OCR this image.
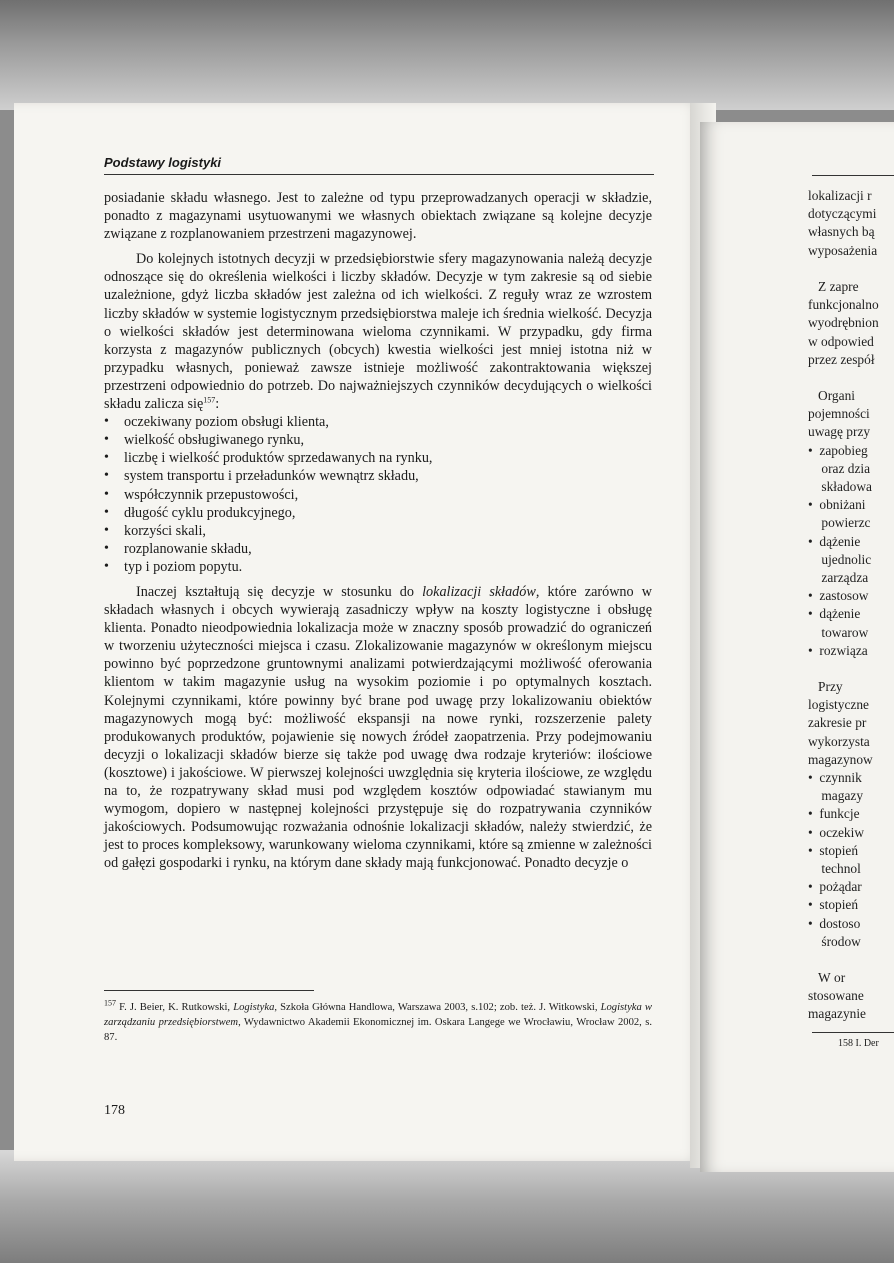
Podstawy logistyki

posiadanie składu własnego. Jest to zależne od typu przeprowadzanych operacji w składzie, ponadto z magazynami usytuowanymi we własnych obiektach związane są kolejne decyzje związane z rozplanowaniem przestrzeni magazynowej.

Do kolejnych istotnych decyzji w przedsiębiorstwie sfery magazynowania należą decyzje odnoszące się do określenia wielkości i liczby składów. Decyzje w tym zakresie są od siebie uzależnione, gdyż liczba składów jest zależna od ich wielkości. Z reguły wraz ze wzrostem liczby składów w systemie logistycznym przedsiębiorstwa maleje ich średnia wielkość. Decyzja o wielkości składów jest determinowana wieloma czynnikami. W przypadku, gdy firma korzysta z magazynów publicznych (obcych) kwestia wielkości jest mniej istotna niż w przypadku własnych, ponieważ zawsze istnieje możliwość zakontraktowania większej przestrzeni odpowiednio do potrzeb. Do najważniejszych czynników decydujących o wielkości składu zalicza się$^{157}$:

• oczekiwany poziom obsługi klienta,
• wielkość obsługiwanego rynku,
• liczbę i wielkość produktów sprzedawanych na rynku,
• system transportu i przeładunków wewnątrz składu,
• współczynnik przepustowości,
• długość cyklu produkcyjnego,
• korzyści skali,
• rozplanowanie składu,
• typ i poziom popytu.

Inaczej kształtują się decyzje w stosunku do lokalizacji składów, które zarówno w składach własnych i obcych wywierają zasadniczy wpływ na koszty logistyczne i obsługę klienta. Ponadto nieodpowiednia lokalizacja może w znaczny sposób prowadzić do ograniczeń w tworzeniu użyteczności miejsca i czasu. Zlokalizowanie magazynów w określonym miejscu powinno być poprzedzone gruntownymi analizami potwierdzającymi możliwość oferowania klientom w takim magazynie usług na wysokim poziomie i po optymalnych kosztach. Kolejnymi czynnikami, które powinny być brane pod uwagę przy lokalizowaniu obiektów magazynowych mogą być: możliwość ekspansji na nowe rynki, rozszerzenie palety produkowanych produktów, pojawienie się nowych źródeł zaopatrzenia. Przy podejmowaniu decyzji o lokalizacji składów bierze się także pod uwagę dwa rodzaje kryteriów: ilościowe (kosztowe) i jakościowe. W pierwszej kolejności uwzględnia się kryteria ilościowe, ze względu na to, że rozpatrywany skład musi pod względem kosztów odpowiadać stawianym mu wymogom, dopiero w następnej kolejności przystępuje się do rozpatrywania czynników jakościowych. Podsumowując rozważania odnośnie lokalizacji składów, należy stwierdzić, że jest to proces kompleksowy, warunkowany wieloma czynnikami, które są zmienne w zależności od gałęzi gospodarki i rynku, na którym dane składy mają funkcjonować. Ponadto decyzje o

$^{157}$ F. J. Beier, K. Rutkowski, Logistyka, Szkoła Główna Handlowa, Warszawa 2003, s.102; zob. też. J. Witkowski, Logistyka w zarządzaniu przedsiębiorstwem, Wydawnictwo Akademii Ekonomicznej im. Oskara Langege we Wrocławiu, Wrocław 2002, s. 87.
178
lokalizacji r
dotyczącymi
własnych bą
wyposażenia
Z zapre
funkcjonalno
wyodrębnion
w odpowied
przez zespół
Organi
pojemności
uwagę przy
•  zapobieg
oraz dzia
składowa
•  obniżani
powierzc
•  dążenie
ujednolic
zarządza
•  zastosow
•  dążenie
towarow
•  rozwiąza
Przy
logistyczne
zakresie pr
wykorzysta
magazynow
•  czynnik
magazy
•  funkcje
•  oczekiw
•  stopień
technol
•  pożądar
•  stopień
•  dostoso
środow
W or
stosowane
magazynie
158 I. Der
